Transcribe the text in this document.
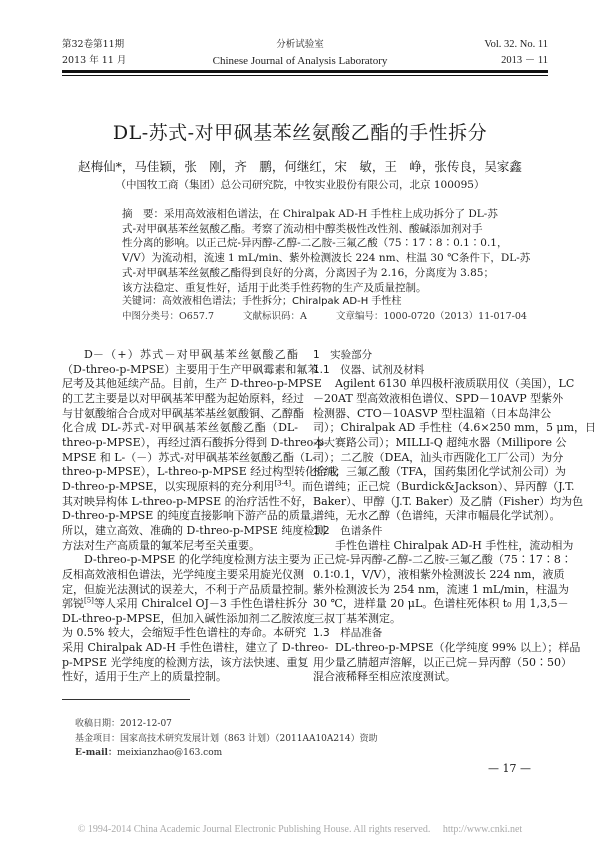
第32卷第11期
2013 年 11 月
分析试验室
Chinese Journal of Analysis Laboratory
Vol. 32. No. 11
2013 － 11
DL-苏式-对甲砜基苯丝氨酸乙酯的手性拆分
赵梅仙*，马佳颖，张　刚，齐　鹏，何继红，宋　敏，王　峥，张传良，吴家鑫
（中国牧工商（集团）总公司研究院，中牧实业股份有限公司，北京 100095）
摘　要：采用高效液相色谱法，在 Chiralpak AD-H 手性柱上成功拆分了 DL-苏
式-对甲砜基苯丝氨酸乙酯。考察了流动相中醇类极性改性剂、酸碱添加剂对手
性分离的影响。以正己烷-异丙醇-乙醇-二乙胺-三氟乙酸（75∶17∶8∶0.1∶0.1，
V/V）为流动相，流速 1 mL/min、紫外检测波长 224 nm、柱温 30 ℃条件下，DL-苏
式-对甲砜基苯丝氨酸乙酯得到良好的分离，分离因子为 2.16，分离度为 3.85；
该方法稳定、重复性好，适用于此类手性药物的生产及质量控制。
关键词：高效液相色谱法；手性拆分；Chiralpak AD-H 手性柱
中图分类号：O657.7	文献标识码：A	文章编号：1000-0720（2013）11-017-04
D－（+）苏式－对甲砜基苯丝氨酸乙酯
（D-threo-p-MPSE）主要用于生产甲砜霉素和氟苯
尼考及其他延续产品。目前，生产 D-threo-p-MPSE
的工艺主要是以对甲砜基苯甲醛为起始原料，经过
与甘氨酸缩合合成对甲砜基苯基丝氨酸铜、乙醇酯
化合成 DL-苏式-对甲砜基苯丝氨酸乙酯（DL-
threo-p-MPSE），再经过酒石酸拆分得到 D-threo-p-
MPSE 和 L-（－）苏式-对甲砜基苯丝氨酸乙酯（L-
threo-p-MPSE），L-threo-p-MPSE 经过构型转化合成
D-threo-p-MPSE，以实现原料的充分利用[3-4]。而
其对映异构体 L-threo-p-MPSE 的治疗活性不好，
D-threo-p-MPSE 的纯度直接影响下游产品的质量。
所以，建立高效、准确的 D-threo-p-MPSE 纯度检测
方法对生产高质量的氟苯尼考至关重要。
D-threo-p-MPSE 的化学纯度检测方法主要为
反相高效液相色谱法，光学纯度主要采用旋光仪测
定，但旋光法测试的误差大，不利于产品质量控制。
郭锐[5]等人采用 Chiralcel OJ－3 手性色谱柱拆分
DL-threo-p-MPSE，但加入碱性添加剂二乙胺浓度
为 0.5% 较大，会缩短手性色谱柱的寿命。本研究
采用 Chiralpak AD-H 手性色谱柱，建立了 D-threo-
p-MPSE 光学纯度的检测方法，该方法快速、重复
性好，适用于生产上的质量控制。
1　实验部分
1.1　仪器、试剂及材料
Agilent 6130 单四极杆液质联用仪（美国），LC
－20AT 型高效液相色谱仪、SPD－10AVP 型紫外
检测器、CTO－10ASVP 型柱温箱（日本岛津公
司）；Chiralpak AD 手性柱（4.6×250 mm，5 μm，日
本大赛路公司）；MILLI-Q 超纯水器（Millipore 公
司）；二乙胺（DEA，汕头市西陇化工厂公司）为分
析纯；三氟乙酸（TFA，国药集团化学试剂公司）为
色谱纯；正己烷（Burdick&Jackson）、异丙醇（J.T.
Baker）、甲醇（J.T. Baker）及乙腈（Fisher）均为色
谱纯，无水乙醇（色谱纯，天津市幅晨化学试剂）。
1.2　色谱条件
手性色谱柱 Chiralpak AD-H 手性柱，流动相为
正己烷-异丙醇-乙醇-二乙胺-三氟乙酸（75∶17∶8∶
0.1∶0.1，V/V），液相紫外检测波长 224 nm，液质
紫外检测波长为 254 nm，流速 1 mL/min，柱温为
30 ℃，进样量 20 μL。色谱柱死体积 t₀ 用 1,3,5－
三叔丁基苯测定。
1.3　样品准备
DL-threo-p-MPSE（化学纯度 99% 以上）；样品
用少量乙腈超声溶解，以正己烷－异丙醇（50∶50）
混合液稀释至相应浓度测试。
收稿日期：2012-12-07
基金项目：国家高技术研究发展计划（863 计划）（2011AA10A214）资助
E-mail：meixianzhao@163.com
— 17 —
© 1994-2014 China Academic Journal Electronic Publishing House. All rights reserved.　 http://www.cnki.net
